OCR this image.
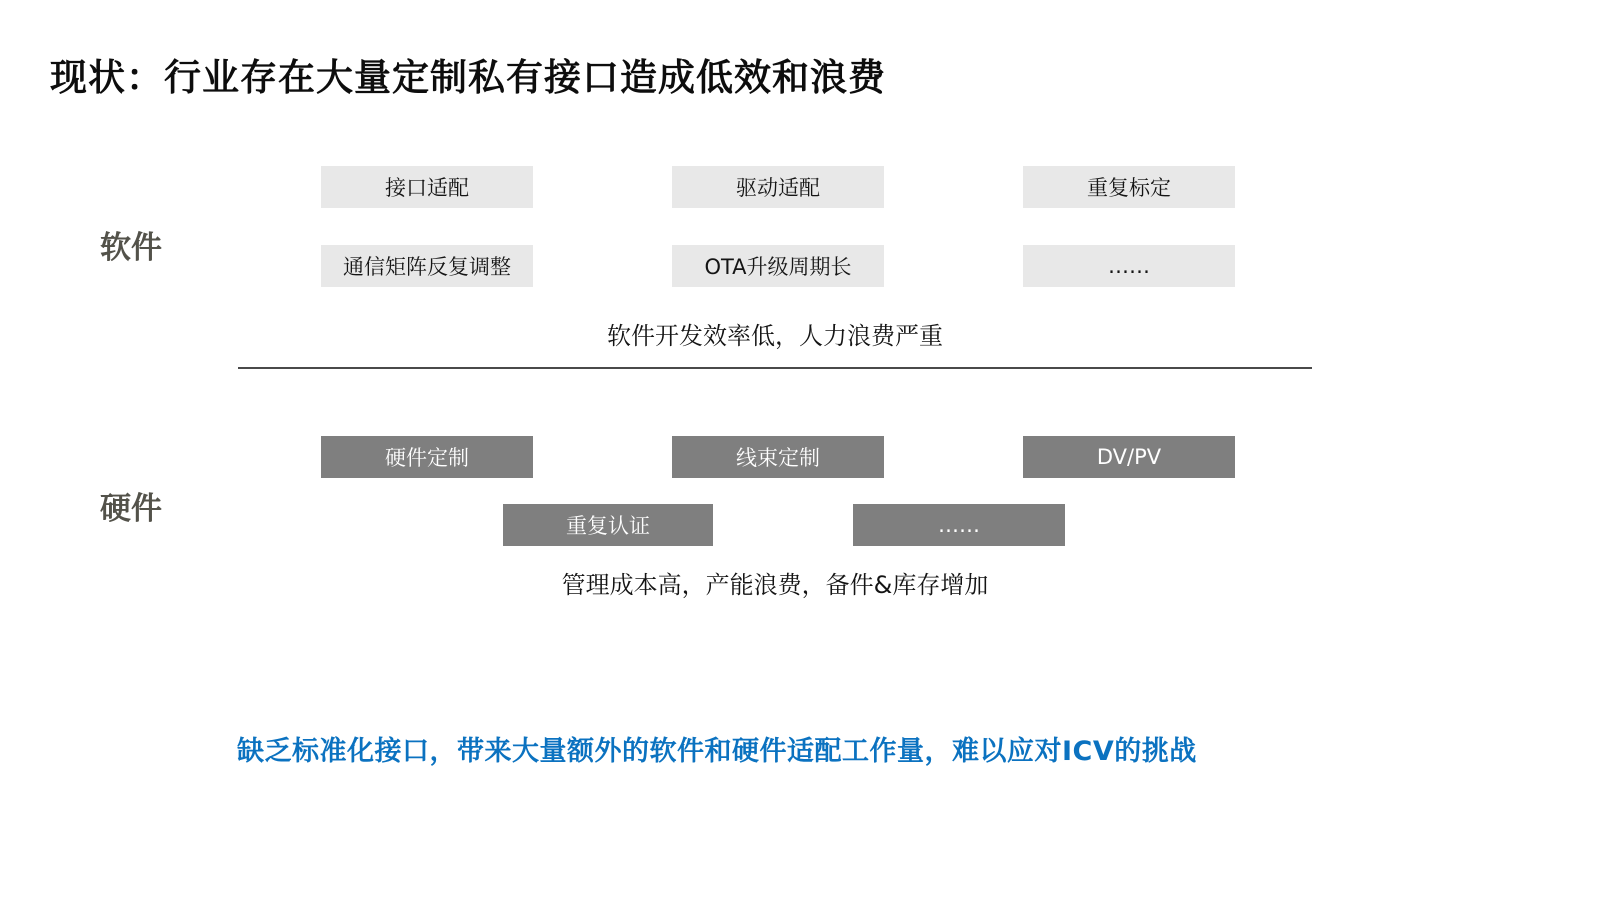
现状：行业存在大量定制私有接口造成低效和浪费
软件
接口适配	驱动适配	重复标定
通信矩阵反复调整	OTA升级周期长	……
软件开发效率低，人力浪费严重
硬件
硬件定制	线束定制	DV/PV
重复认证	……
管理成本高，产能浪费，备件&库存增加
缺乏标准化接口，带来大量额外的软件和硬件适配工作量，难以应对ICV的挑战
